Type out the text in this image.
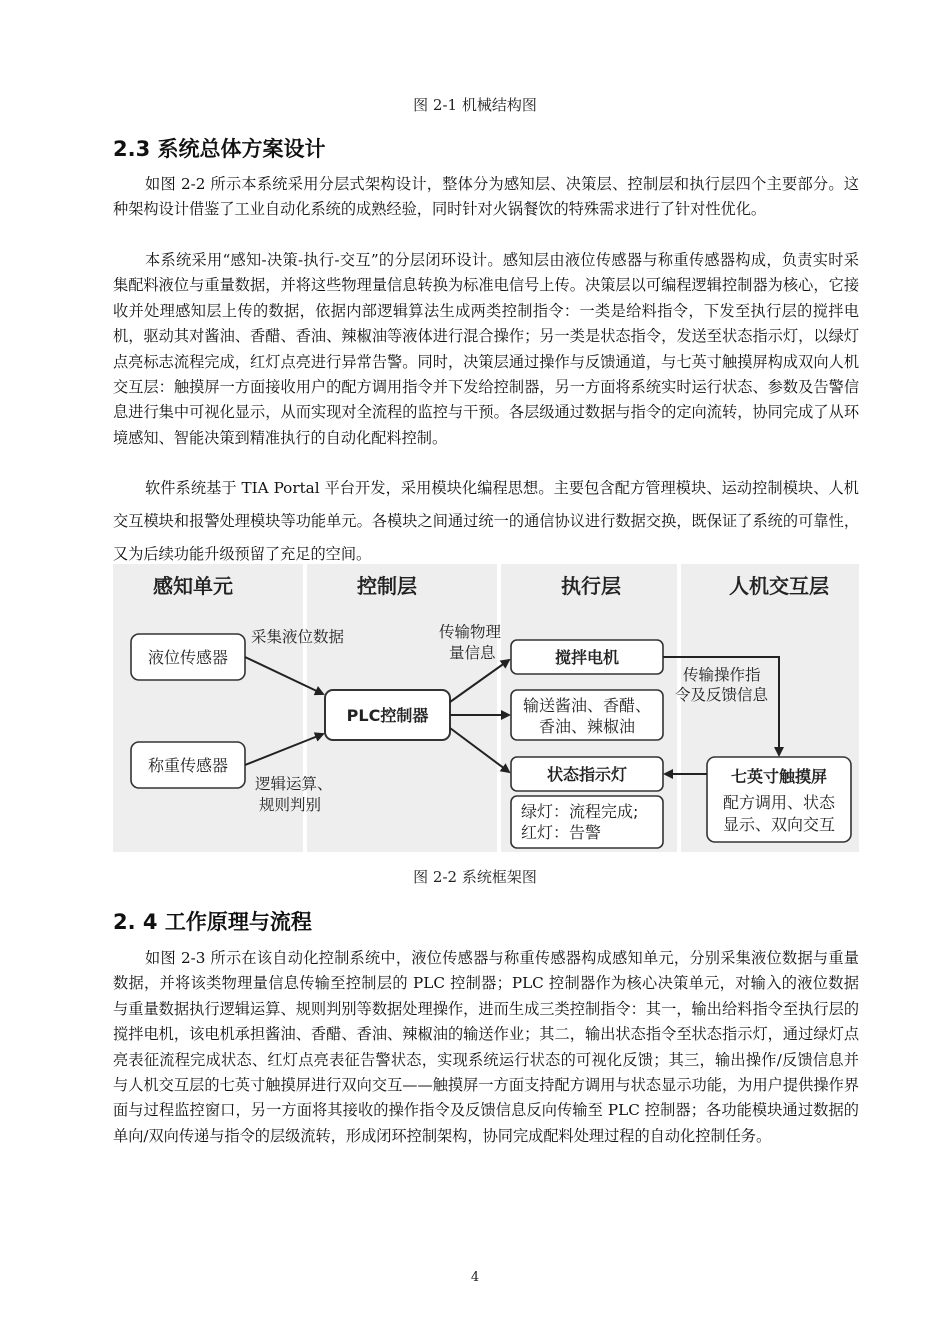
图 2-1 机械结构图
2.3 系统总体方案设计

如图 2-2 所示本系统采用分层式架构设计，整体分为感知层、决策层、控制层和执行层四个主要部分。这种架构设计借鉴了工业自动化系统的成熟经验，同时针对火锅餐饮的特殊需求进行了针对性优化。

本系统采用“感知-决策-执行-交互”的分层闭环设计。感知层由液位传感器与称重传感器构成，负责实时采集配料液位与重量数据，并将这些物理量信息转换为标准电信号上传。决策层以可编程逻辑控制器为核心，它接收并处理感知层上传的数据，依据内部逻辑算法生成两类控制指令：一类是给料指令，下发至执行层的搅拌电机，驱动其对酱油、香醋、香油、辣椒油等液体进行混合操作；另一类是状态指令，发送至状态指示灯，以绿灯点亮标志流程完成，红灯点亮进行异常告警。同时，决策层通过操作与反馈通道，与七英寸触摸屏构成双向人机交互层：触摸屏一方面接收用户的配方调用指令并下发给控制器，另一方面将系统实时运行状态、参数及告警信息进行集中可视化显示，从而实现对全流程的监控与干预。各层级通过数据与指令的定向流转，协同完成了从环境感知、智能决策到精准执行的自动化配料控制。

软件系统基于 TIA Portal 平台开发，采用模块化编程思想。主要包含配方管理模块、运动控制模块、人机交互模块和报警处理模块等功能单元。各模块之间通过统一的通信协议进行数据交换，既保证了系统的可靠性，又为后续功能升级预留了充足的空间。

感知单元	控制层	执行层	人机交互层
液位传感器
称重传感器
PLC控制器
搅拌电机
输送酱油、香醋、
香油、辣椒油
状态指示灯
绿灯：流程完成;
红灯：告警
七英寸触摸屏
配方调用、状态
显示、双向交互
采集液位数据
逻辑运算、
规则判别
传输物理
量信息
传输操作指
令及反馈信息
图 2-2 系统框架图
2. 4 工作原理与流程

如图 2-3 所示在该自动化控制系统中，液位传感器与称重传感器构成感知单元，分别采集液位数据与重量数据，并将该类物理量信息传输至控制层的 PLC 控制器；PLC 控制器作为核心决策单元，对输入的液位数据与重量数据执行逻辑运算、规则判别等数据处理操作，进而生成三类控制指令：其一，输出给料指令至执行层的搅拌电机，该电机承担酱油、香醋、香油、辣椒油的输送作业；其二，输出状态指令至状态指示灯，通过绿灯点亮表征流程完成状态、红灯点亮表征告警状态，实现系统运行状态的可视化反馈；其三，输出操作/反馈信息并与人机交互层的七英寸触摸屏进行双向交互——触摸屏一方面支持配方调用与状态显示功能，为用户提供操作界面与过程监控窗口，另一方面将其接收的操作指令及反馈信息反向传输至 PLC 控制器；各功能模块通过数据的单向/双向传递与指令的层级流转，形成闭环控制架构，协同完成配料处理过程的自动化控制任务。

4
